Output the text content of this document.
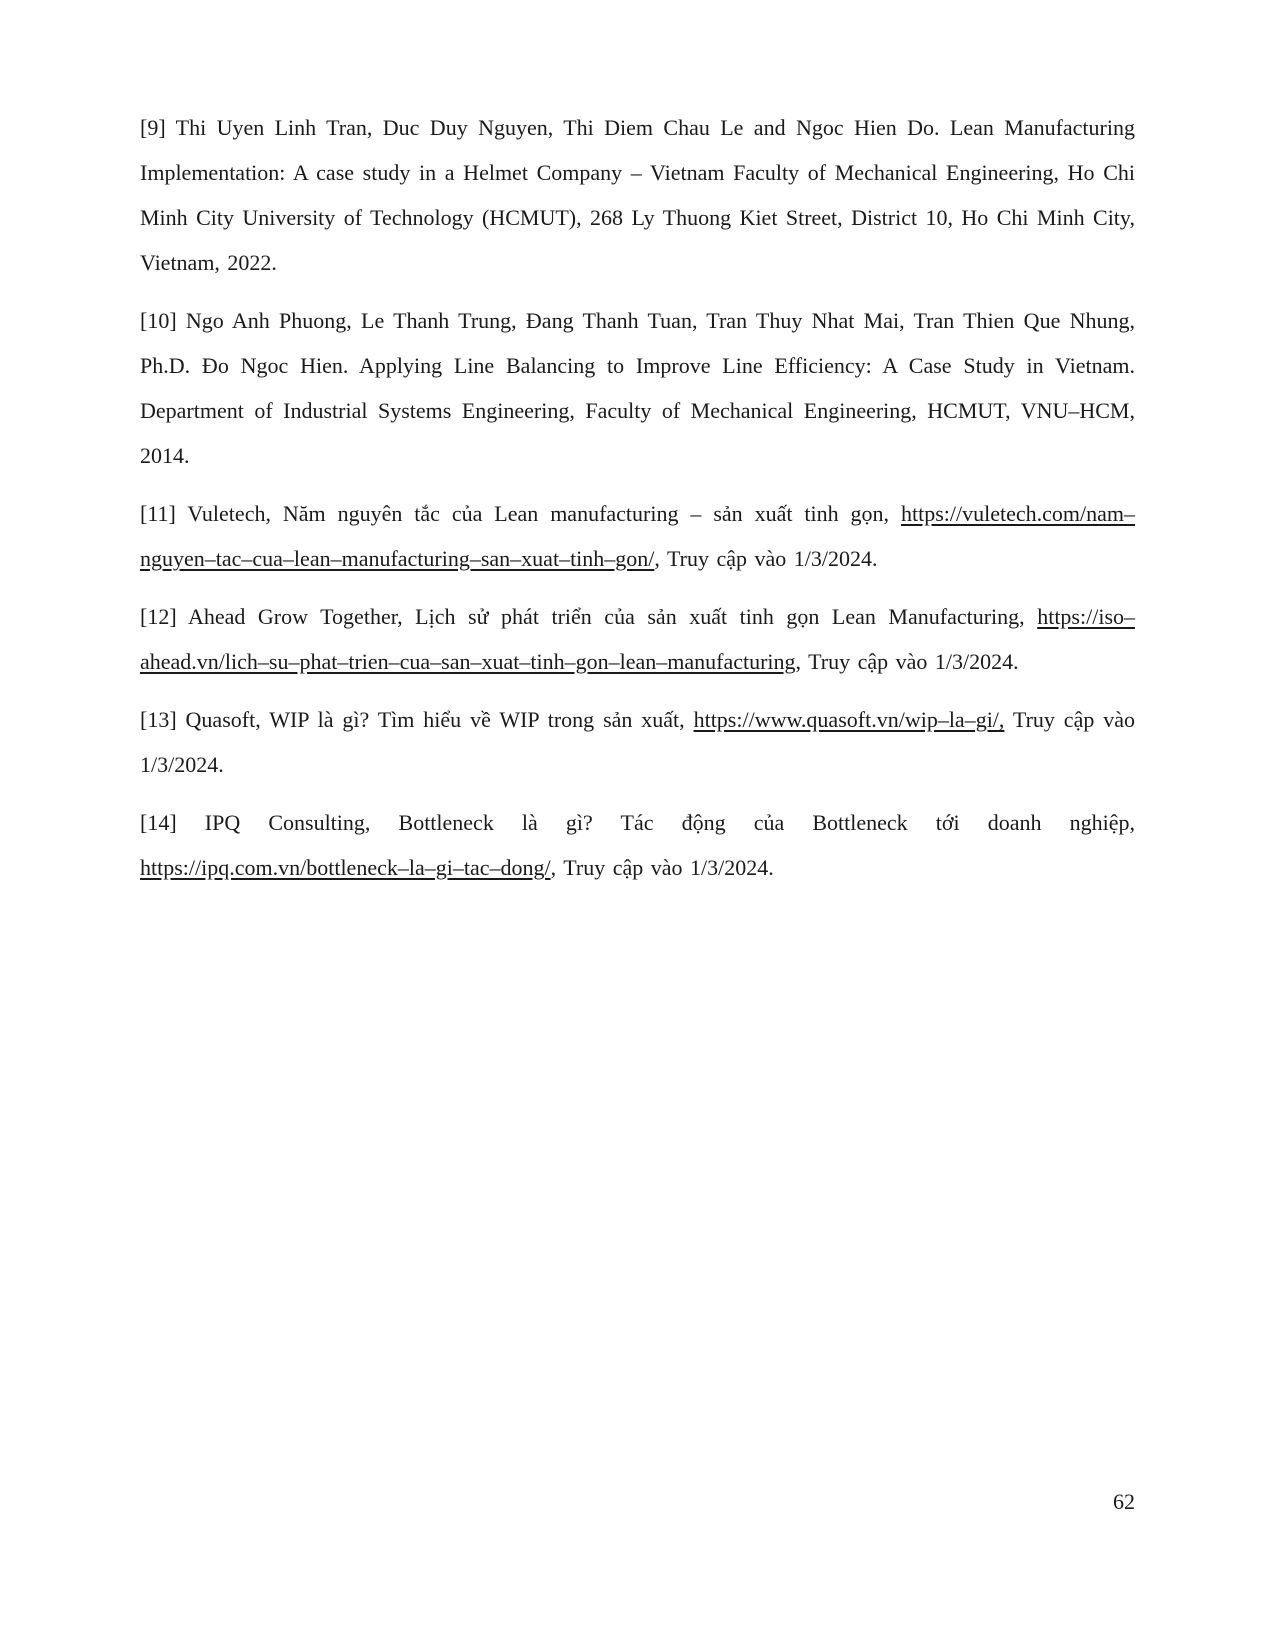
[9] Thi Uyen Linh Tran, Duc Duy Nguyen, Thi Diem Chau Le and Ngoc Hien Do. Lean Manufacturing Implementation: A case study in a Helmet Company – Vietnam Faculty of Mechanical Engineering, Ho Chi Minh City University of Technology (HCMUT), 268 Ly Thuong Kiet Street, District 10, Ho Chi Minh City, Vietnam, 2022.

[10] Ngo Anh Phuong, Le Thanh Trung, Đang Thanh Tuan, Tran Thuy Nhat Mai, Tran Thien Que Nhung, Ph.D. Đo Ngoc Hien. Applying Line Balancing to Improve Line Efficiency: A Case Study in Vietnam. Department of Industrial Systems Engineering, Faculty of Mechanical Engineering, HCMUT, VNU–HCM, 2014.

[11] Vuletech, Năm nguyên tắc của Lean manufacturing – sản xuất tinh gọn, https://vuletech.com/nam–nguyen–tac–cua–lean–manufacturing–san–xuat–tinh–gon/, Truy cập vào 1/3/2024.

[12] Ahead Grow Together, Lịch sử phát triển của sản xuất tinh gọn Lean Manufacturing, https://iso–ahead.vn/lich–su–phat–trien–cua–san–xuat–tinh–gon–lean–manufacturing, Truy cập vào 1/3/2024.

[13] Quasoft, WIP là gì? Tìm hiểu về WIP trong sản xuất, https://www.quasoft.vn/wip–la–gi/, Truy cập vào 1/3/2024.

[14] IPQ Consulting, Bottleneck là gì? Tác động của Bottleneck tới doanh nghiệp, https://ipq.com.vn/bottleneck–la–gi–tac–dong/, Truy cập vào 1/3/2024.

62
